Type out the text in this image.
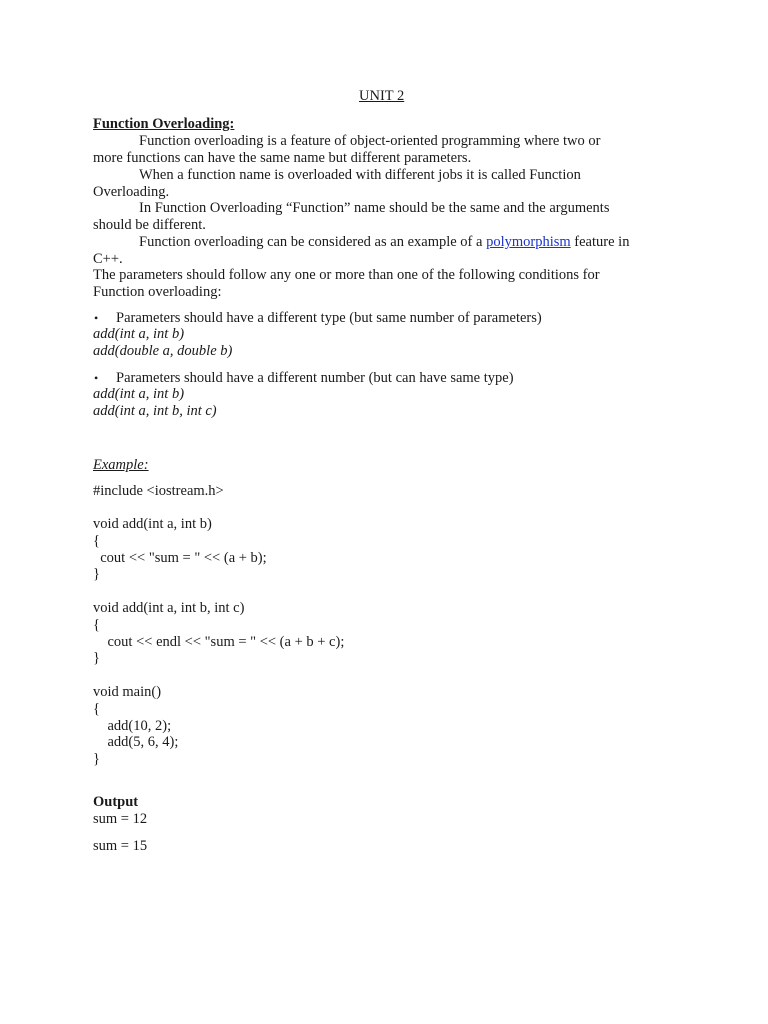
UNIT 2
Function Overloading:
Function overloading is a feature of object-oriented programming where two or
more functions can have the same name but different parameters.
When a function name is overloaded with different jobs it is called Function
Overloading.
In Function Overloading “Function” name should be the same and the arguments
should be different.
Function overloading can be considered as an example of a polymorphism feature in
C++.
The parameters should follow any one or more than one of the following conditions for
Function overloading:
• Parameters should have a different type (but same number of parameters)
add(int a, int b)
add(double a, double b)
• Parameters should have a different number (but can have same type)
add(int a, int b)
add(int a, int b, int c)
Example:
#include <iostream.h>
void add(int a, int b)
{
cout << "sum = " << (a + b);
}
void add(int a, int b, int c)
{
cout << endl << "sum = " << (a + b + c);
}
void main()
{
add(10, 2);
add(5, 6, 4);
}
Output
sum = 12
sum = 15
